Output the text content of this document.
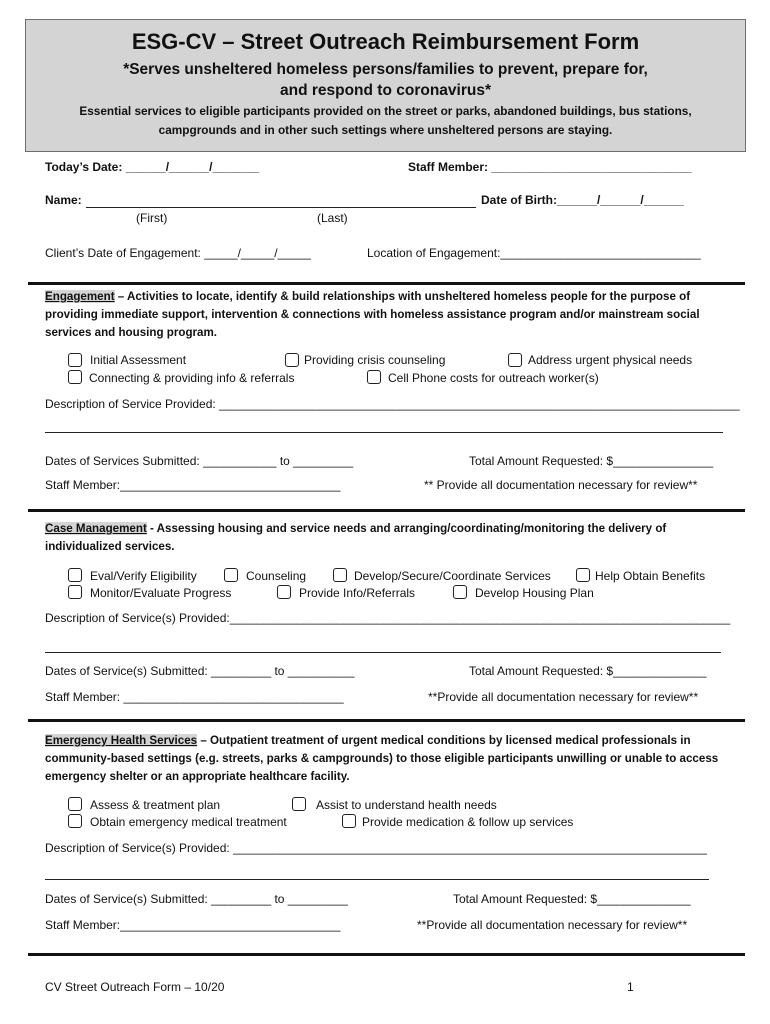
ESG-CV – Street Outreach Reimbursement Form
*Serves unsheltered homeless persons/families to prevent, prepare for,
and respond to coronavirus*
Essential services to eligible participants provided on the street or parks, abandoned buildings, bus stations, campgrounds and in other such settings where unsheltered persons are staying.
Today’s Date: ______/______/_______	Staff Member: ______________________________
Name:	Date of Birth:______/______/______
(First)	(Last)
Client’s Date of Engagement: _____/_____/_____	Location of Engagement:______________________________
Engagement – Activities to locate, identify & build relationships with unsheltered homeless people for the purpose of providing immediate support, intervention & connections with homeless assistance program and/or mainstream social services and housing program.
Initial Assessment	Providing crisis counseling	Address urgent physical needs
Connecting & providing info & referrals	Cell Phone costs for outreach worker(s)
Description of Service Provided: ______________________________________________________________________________
Dates of Services Submitted: ___________ to _________	Total Amount Requested: $_______________
Staff Member:_________________________________	** Provide all documentation necessary for review**
Case Management - Assessing housing and service needs and arranging/coordinating/monitoring the delivery of individualized services.
Eval/Verify Eligibility	Counseling	Develop/Secure/Coordinate Services	Help Obtain Benefits
Monitor/Evaluate Progress	Provide Info/Referrals	Develop Housing Plan
Description of Service(s) Provided:___________________________________________________________________________
Dates of Service(s) Submitted: _________ to __________	Total Amount Requested: $______________
Staff Member: _________________________________	**Provide all documentation necessary for review**
Emergency Health Services – Outpatient treatment of urgent medical conditions by licensed medical professionals in community-based settings (e.g. streets, parks & campgrounds) to those eligible participants unwilling or unable to access emergency shelter or an appropriate healthcare facility.
Assess & treatment plan	Assist to understand health needs
Obtain emergency medical treatment	Provide medication & follow up services
Description of Service(s) Provided: _______________________________________________________________________
Dates of Service(s) Submitted: _________ to _________	Total Amount Requested: $______________
Staff Member:_________________________________	**Provide all documentation necessary for review**
CV Street Outreach Form – 10/20	1
